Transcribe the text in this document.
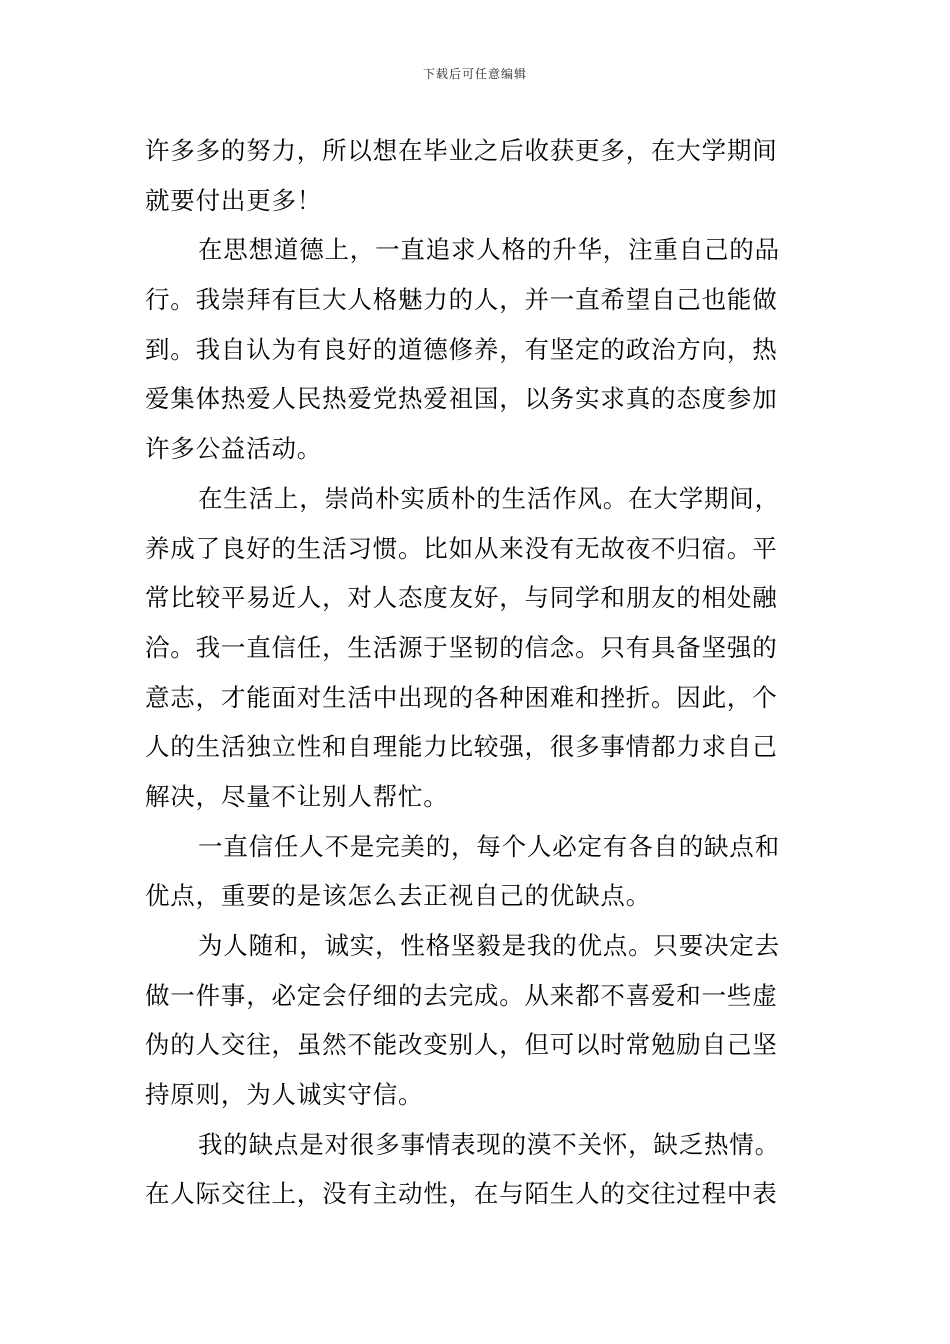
下载后可任意编辑
许多多的努力，所以想在毕业之后收获更多，在大学期间
就要付出更多！
在思想道德上，一直追求人格的升华，注重自己的品
行。我崇拜有巨大人格魅力的人，并一直希望自己也能做
到。我自认为有良好的道德修养，有坚定的政治方向，热
爱集体热爱人民热爱党热爱祖国，以务实求真的态度参加
许多公益活动。
在生活上，崇尚朴实质朴的生活作风。在大学期间，
养成了良好的生活习惯。比如从来没有无故夜不归宿。平
常比较平易近人，对人态度友好，与同学和朋友的相处融
洽。我一直信任，生活源于坚韧的信念。只有具备坚强的
意志，才能面对生活中出现的各种困难和挫折。因此，个
人的生活独立性和自理能力比较强，很多事情都力求自己
解决，尽量不让别人帮忙。
一直信任人不是完美的，每个人必定有各自的缺点和
优点，重要的是该怎么去正视自己的优缺点。
为人随和，诚实，性格坚毅是我的优点。只要决定去
做一件事，必定会仔细的去完成。从来都不喜爱和一些虚
伪的人交往，虽然不能改变别人，但可以时常勉励自己坚
持原则，为人诚实守信。
我的缺点是对很多事情表现的漠不关怀，缺乏热情。
在人际交往上，没有主动性，在与陌生人的交往过程中表
